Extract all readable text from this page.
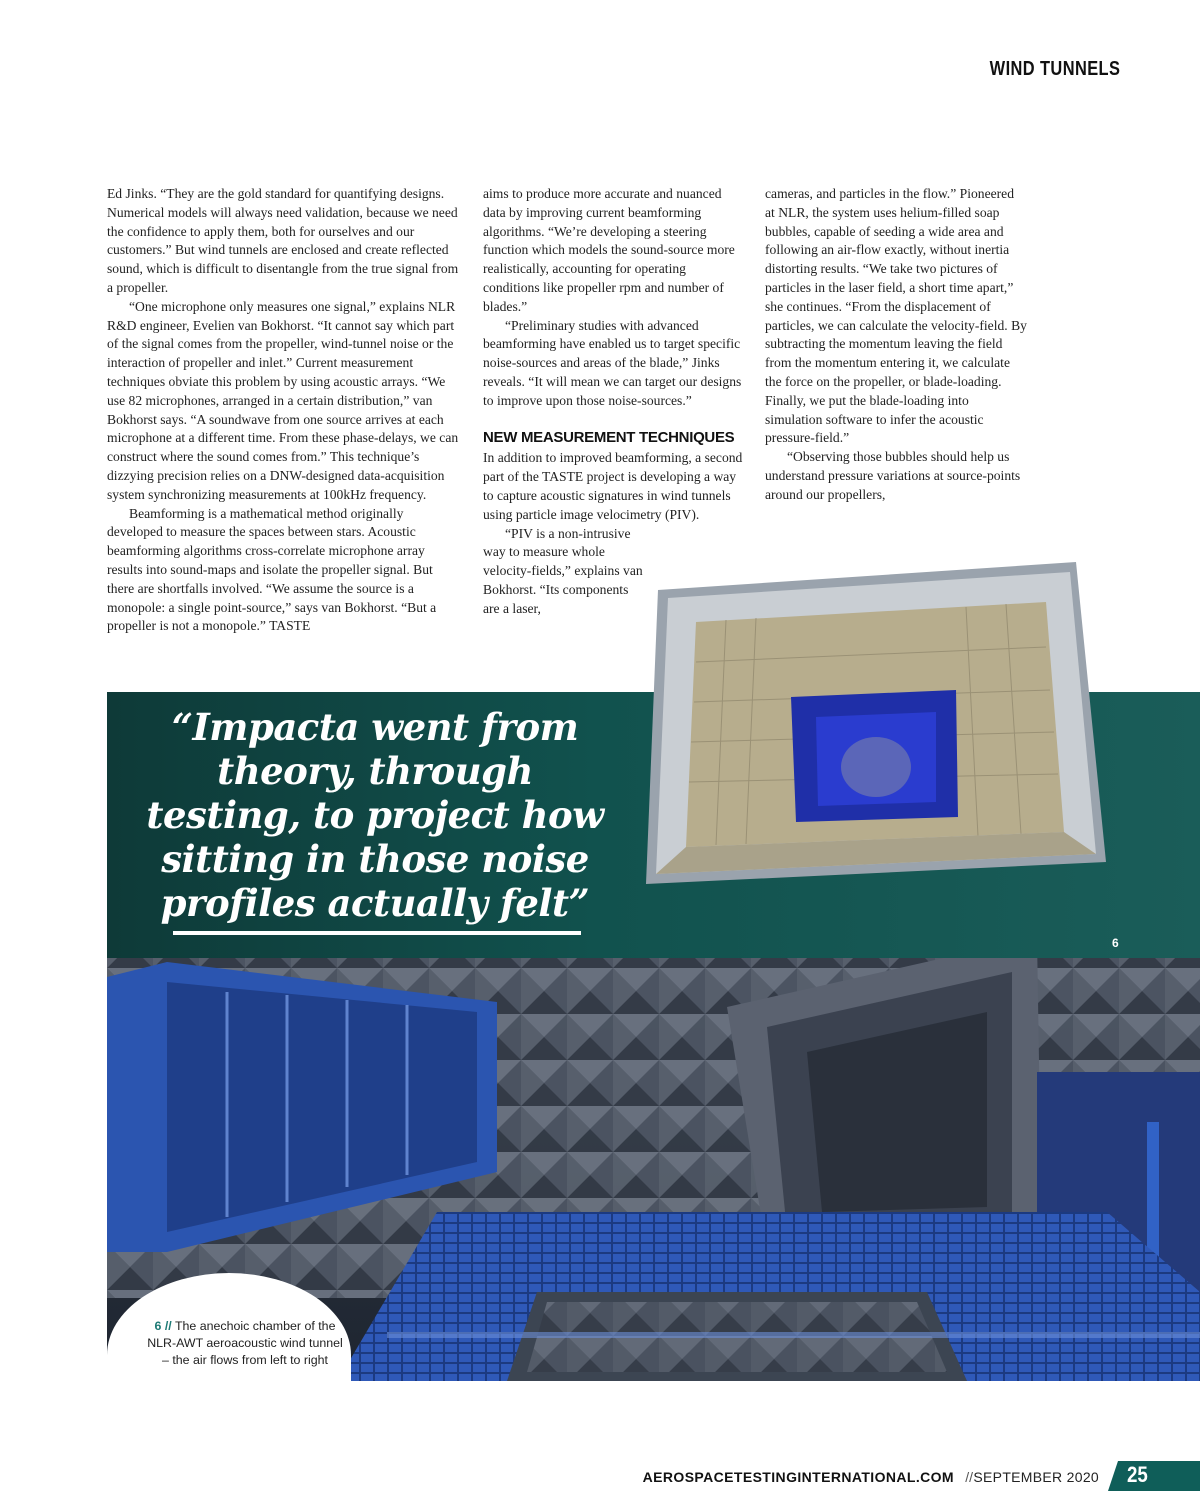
WIND TUNNELS

Ed Jinks. “They are the gold standard for quantifying designs. Numerical models will always need validation, because we need the confidence to apply them, both for ourselves and our customers.” But wind tunnels are enclosed and create reflected sound, which is difficult to disentangle from the true signal from a propeller.

“One microphone only measures one signal,” explains NLR R&D engineer, Evelien van Bokhorst. “It cannot say which part of the signal comes from the propeller, wind-tunnel noise or the interaction of propeller and inlet.” Current measurement techniques obviate this problem by using acoustic arrays. “We use 82 microphones, arranged in a certain distribution,” van Bokhorst says. “A soundwave from one source arrives at each microphone at a different time. From these phase-delays, we can construct where the sound comes from.” This technique’s dizzying precision relies on a DNW-designed data-acquisition system synchronizing measurements at 100kHz frequency.

Beamforming is a mathematical method originally developed to measure the spaces between stars. Acoustic beamforming algorithms cross-correlate microphone array results into sound-maps and isolate the propeller signal. But there are shortfalls involved. “We assume the source is a monopole: a single point-source,” says van Bokhorst. “But a propeller is not a monopole.” TASTE

aims to produce more accurate and nuanced data by improving current beamforming algorithms. “We’re developing a steering function which models the sound-source more realistically, accounting for operating conditions like propeller rpm and number of blades.”

“Preliminary studies with advanced beamforming have enabled us to target specific noise-sources and areas of the blade,” Jinks reveals. “It will mean we can target our designs to improve upon those noise-sources.”

NEW MEASUREMENT TECHNIQUES

In addition to improved beamforming, a second part of the TASTE project is developing a way to capture acoustic signatures in wind tunnels using particle image velocimetry (PIV).

“PIV is a non-intrusive way to measure whole velocity-fields,” explains van Bokhorst. “Its components are a laser,

cameras, and particles in the flow.” Pioneered at NLR, the system uses helium-filled soap bubbles, capable of seeding a wide area and following an air-flow exactly, without inertia distorting results. “We take two pictures of particles in the laser field, a short time apart,” she continues. “From the displacement of particles, we can calculate the velocity-field. By subtracting the momentum leaving the field from the momentum entering it, we calculate the force on the propeller, or blade-loading. Finally, we put the blade-loading into simulation software to infer the acoustic pressure-field.”

“Observing those bubbles should help us understand pressure variations at source-points around our propellers,

“Impacta went from theory, through testing, to project how sitting in those noise profiles actually felt”
6
6 // The anechoic chamber of the NLR-AWT aeroacoustic wind tunnel – the air flows from left to right
AEROSPACETESTINGINTERNATIONAL.COM // SEPTEMBER 2020 25
